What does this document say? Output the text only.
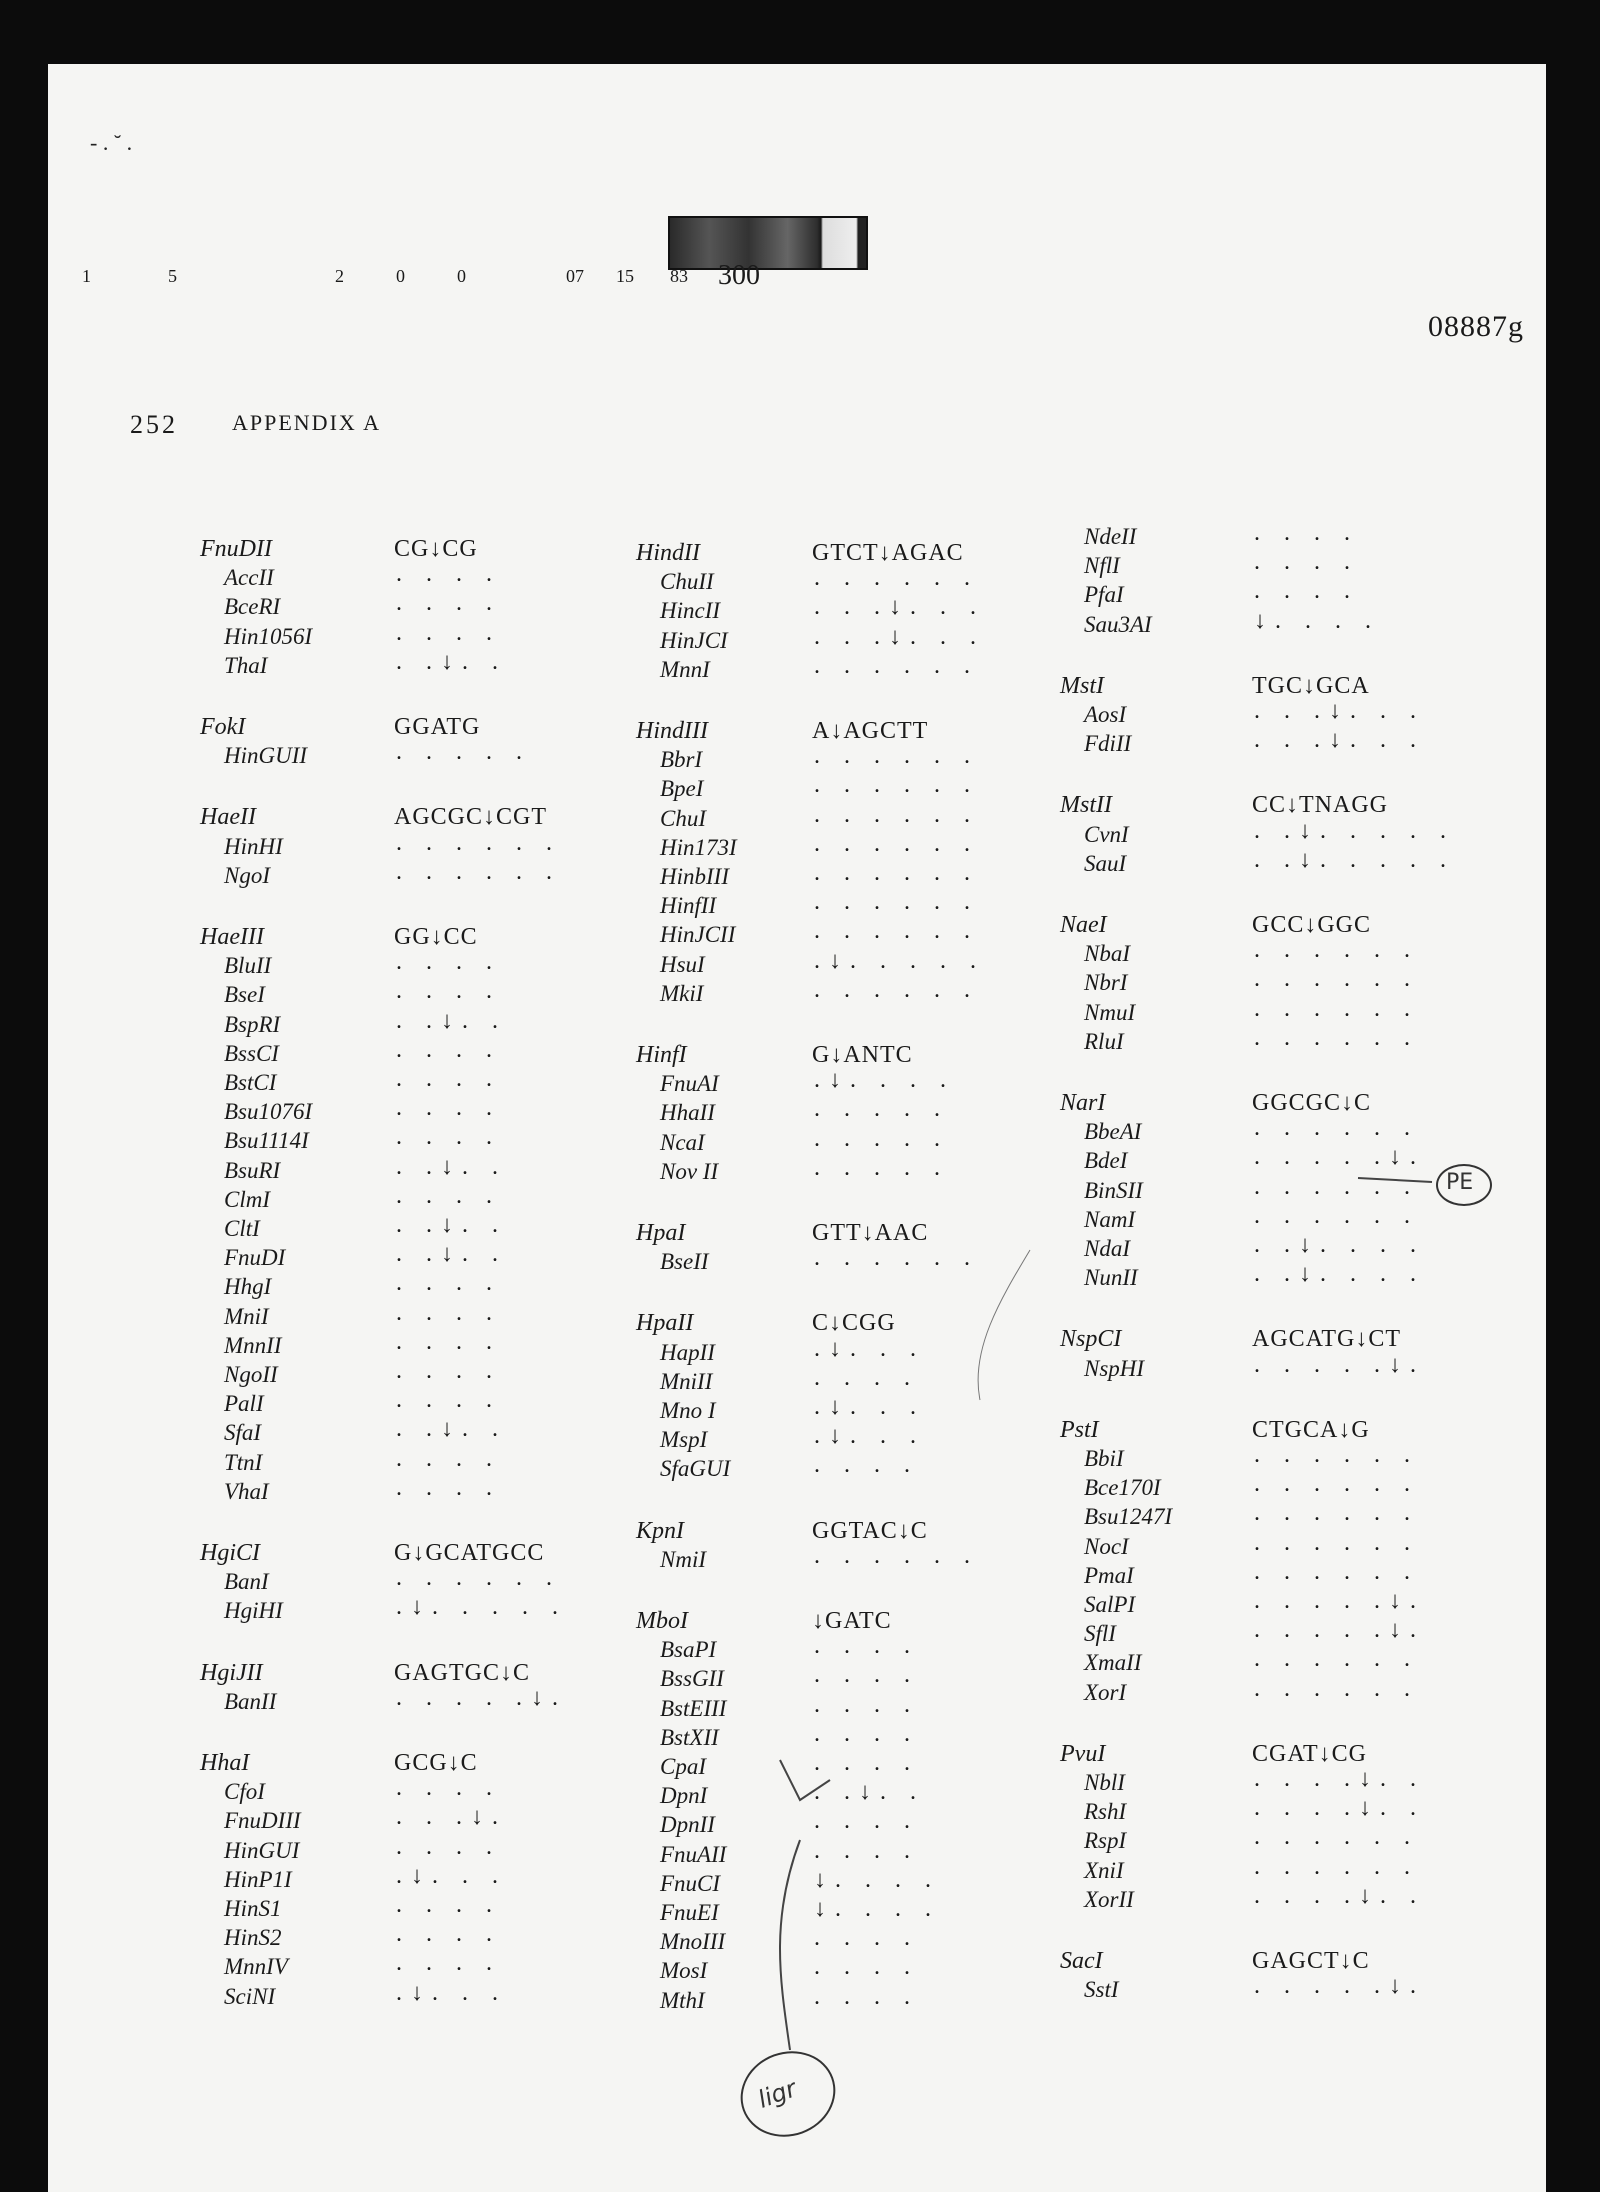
- . ˘ .
1	5	2	0	0	07 15 83 300
08887g
252 APPENDIX A
FnuDII	CG↓CG
AccII	. . . .
BceRI	. . . .
Hin1056I	. . . .
ThaI	. .↓. .
FokI	GGATG
HinGUII	. . . . .
HaeII	AGCGC↓CGT
HinHI	. . . . . .
NgoI	. . . . . .
HaeIII	GG↓CC
BluII	. . . .
BseI	. . . .
BspRI	. .↓. .
BssCI	. . . .
BstCI	. . . .
Bsu1076I	. . . .
Bsu1114I	. . . .
BsuRI	. .↓. .
ClmI	. . . .
CltI	. .↓. .
FnuDI	. .↓. .
HhgI	. . . .
MniI	. . . .
MnnII	. . . .
NgoII	. . . .
PalI	. . . .
SfaI	. .↓. .
TtnI	. . . .
VhaI	. . . .
HgiCI	G↓GCATGCC
BanI	. . . . . .
HgiHI	.↓. . . . .
HgiJII	GAGTGC↓C
BanII	. . . . .↓.
HhaI	GCG↓C
CfoI	. . . .
FnuDIII	. . .↓.
HinGUI	. . . .
HinP1I	.↓. . .
HinS1	. . . .
HinS2	. . . .
MnnIV	. . . .
SciNI	.↓. . .
HindII	GTCT↓AGAC
ChuII	. . . . . .
HincII	. . .↓. . .
HinJCI	. . .↓. . .
MnnI	. . . . . .
HindIII	A↓AGCTT
BbrI	. . . . . .
BpeI	. . . . . .
ChuI	. . . . . .
Hin173I	. . . . . .
HinbIII	. . . . . .
HinfII	. . . . . .
HinJCII	. . . . . .
HsuI	.↓. . . . .
MkiI	. . . . . .
HinfI	G↓ANTC
FnuAI	.↓. . . .
HhaII	. . . . .
NcaI	. . . . .
Nov II	. . . . .
HpaI	GTT↓AAC
BseII	. . . . . .
HpaII	C↓CGG
HapII	.↓. . .
MniII	. . . .
Mno I	.↓. . .
MspI	.↓. . .
SfaGUI	. . . .
KpnI	GGTAC↓C
NmiI	. . . . . .
MboI	↓GATC
BsaPI	. . . .
BssGII	. . . .
BstEIII	. . . .
BstXII	. . . .
CpaI	. . . .
DpnI	. .↓. .
DpnII	. . . .
FnuAII	. . . .
FnuCI	↓. . . .
FnuEI	↓. . . .
MnoIII	. . . .
MosI	. . . .
MthI	. . . .
NdeII	. . . .
NflI	. . . .
PfaI	. . . .
Sau3AI	↓. . . .
MstI	TGC↓GCA
AosI	. . .↓. . .
FdiII	. . .↓. . .
MstII	CC↓TNAGG
CvnI	. .↓. . . . .
SauI	. .↓. . . . .
NaeI	GCC↓GGC
NbaI	. . . . . .
NbrI	. . . . . .
NmuI	. . . . . .
RluI	. . . . . .
NarI	GGCGC↓C
BbeAI	. . . . . .
BdeI	. . . . .↓.
BinSII	. . . . . .
NamI	. . . . . .
NdaI	. .↓. . . .
NunII	. .↓. . . .
NspCI	AGCATG↓CT
NspHI	. . . . .↓.
PstI	CTGCA↓G
BbiI	. . . . . .
Bce170I	. . . . . .
Bsu1247I	. . . . . .
NocI	. . . . . .
PmaI	. . . . . .
SalPI	. . . . .↓.
SflI	. . . . .↓.
XmaII	. . . . . .
XorI	. . . . . .
PvuI	CGAT↓CG
NblI	. . . .↓. .
RshI	. . . .↓. .
RspI	. . . . . .
XniI	. . . . . .
XorII	. . . .↓. .
SacI	GAGCT↓C
SstI	. . . . .↓.
PE
ligr
